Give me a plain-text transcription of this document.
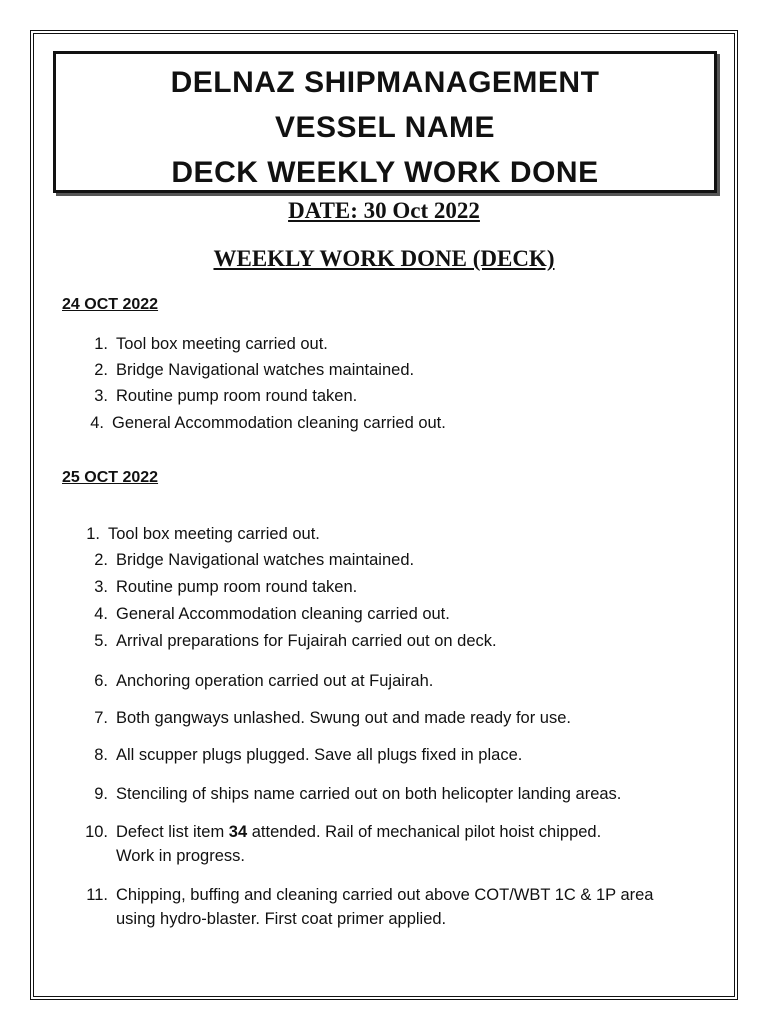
DELNAZ SHIPMANAGEMENT

VESSEL NAME

DECK WEEKLY WORK DONE

DATE: 30 Oct 2022
WEEKLY WORK DONE (DECK)
24 OCT 2022
1. Tool box meeting carried out.
2. Bridge Navigational watches maintained.
3. Routine pump room round taken.
4. General Accommodation cleaning carried out.
25 OCT 2022
1. Tool box meeting carried out.
2. Bridge Navigational watches maintained.
3. Routine pump room round taken.
4. General Accommodation cleaning carried out.
5. Arrival preparations for Fujairah carried out on deck.
6. Anchoring operation carried out at Fujairah.
7. Both gangways unlashed. Swung out and made ready for use.
8. All scupper plugs plugged. Save all plugs fixed in place.
9. Stenciling of ships name carried out on both helicopter landing areas.
10. Defect list item 34 attended. Rail of mechanical pilot hoist chipped.
Work in progress.
11. Chipping, buffing and cleaning carried out above COT/WBT 1C & 1P area
using hydro-blaster. First coat primer applied.
